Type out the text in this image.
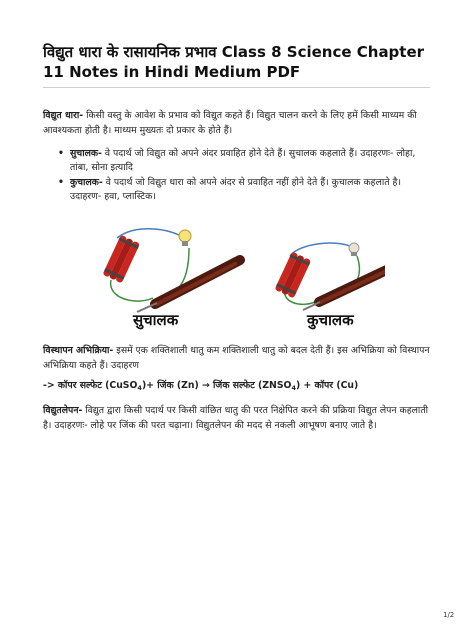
विद्युत धारा के रासायनिक प्रभाव Class 8 Science Chapter 11 Notes in Hindi Medium PDF

विद्युत धारा- किसी वस्तु के आवेश के प्रभाव को विद्युत कहते हैं। विद्युत चालन करने के लिए हमें किसी माध्यम की आवश्यकता होती है। माध्यम मुख्यतः दो प्रकार के होते हैं।

• सुचालक- वे पदार्थ जो विद्युत को अपने अंदर प्रवाहित होने देते हैं। सुचालक कहलाते हैं। उदाहरणः- लोहा, तांबा, सोना इत्यादि
• कुचालक- वे पदार्थ जो विद्युत धारा को अपने अंदर से प्रवाहित नहीं होने देते हैं। कुचालक कहलाते है। उदाहरण- हवा, प्लास्टिक।
सुचालक	कुचालक

विस्थापन अभिक्रिया- इसमें एक शक्तिशाली धातु कम शक्तिशाली धातु को बदल देती हैं। इस अभिक्रिया को विस्थापन अभिक्रिया कहते हैं। उदाहरण

-> कॉपर सल्फेट (CuSO$_4$)+ जिंक (Zn) → जिंक सल्फेट $(ZNSO_4)$ + कॉपर (Cu)

विद्युतलेपन- विद्युत द्वारा किसी पदार्थ पर किसी वांछित धातु की परत निक्षेपित करने की प्रक्रिया विद्युत लेपन कहलाती है। उदाहरणः- लोहे पर जिंक की परत चढ़ाना। विद्युतलेपन की मदद से नकली आभूषण बनाए जाते है।

1/2
